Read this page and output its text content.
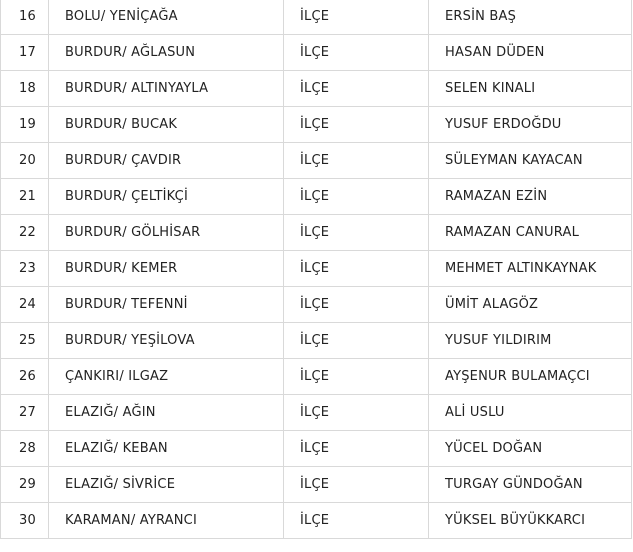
16	BOLU/ YENİÇAĞA	İLÇE	ERSİN BAŞ
17	BURDUR/ AĞLASUN	İLÇE	HASAN DÜDEN
18	BURDUR/ ALTINYAYLA	İLÇE	SELEN KINALI
19	BURDUR/ BUCAK	İLÇE	YUSUF ERDOĞDU
20	BURDUR/ ÇAVDIR	İLÇE	SÜLEYMAN KAYACAN
21	BURDUR/ ÇELTİKÇİ	İLÇE	RAMAZAN EZİN
22	BURDUR/ GÖLHİSAR	İLÇE	RAMAZAN CANURAL
23	BURDUR/ KEMER	İLÇE	MEHMET ALTINKAYNAK
24	BURDUR/ TEFENNİ	İLÇE	ÜMİT ALAGÖZ
25	BURDUR/ YEŞİLOVA	İLÇE	YUSUF YILDIRIM
26	ÇANKIRI/ ILGAZ	İLÇE	AYŞENUR BULAMAÇCI
27	ELAZIĞ/ AĞIN	İLÇE	ALİ USLU
28	ELAZIĞ/ KEBAN	İLÇE	YÜCEL DOĞAN
29	ELAZIĞ/ SİVRİCE	İLÇE	TURGAY GÜNDOĞAN
30	KARAMAN/ AYRANCI	İLÇE	YÜKSEL BÜYÜKKARCI
